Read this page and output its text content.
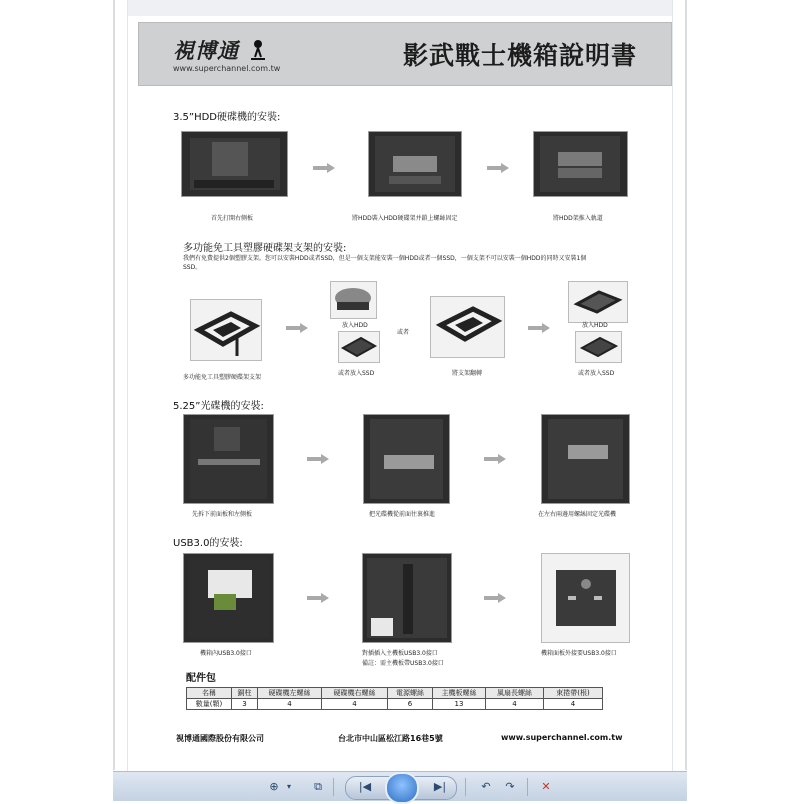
視博通
www.superchannel.com.tw	影武戰士機箱說明書
3.5”HDD硬碟機的安裝:
首先打開右側板	將HDD裝入HDD硬碟架并鎖上螺絲固定	將HDD架推入軌道
多功能免工具塑膠硬碟架支架的安裝:
我們有免費提供2個塑膠支架。您可以安裝HDD或者SSD，但是一個支架能安裝一個HDD或者一個SSD，一個支架不可以安裝一個HDD的同時又安裝1個SSD。
放入HDD
或者放入SSD
或者
將支架翻轉
放入HDD
或者放入SSD
多功能免工具塑膠硬碟架支架
5.25”光碟機的安裝:
先拆下前面板和左側板	把光碟機從前面往裏推進	在左右兩邊用螺絲固定光碟機
USB3.0的安裝:
機箱內USB3.0接口	對插插入主機板USB3.0接口
備註：需主機板帶USB3.0接口
機箱面板外接要USB3.0接口
配件包
名稱	銅柱	硬碟機左螺絲	硬碟機右螺絲	電源螺絲	主機板螺絲	風扇長螺絲	束捲帶(根)
數量(顆)	3	4	4	6	13	4	4
視博通國際股份有限公司	台北市中山區松江路16巷5號	www.superchannel.com.tw
⊕	▾	⧉	|◀	▶|	↶	↷	✕
